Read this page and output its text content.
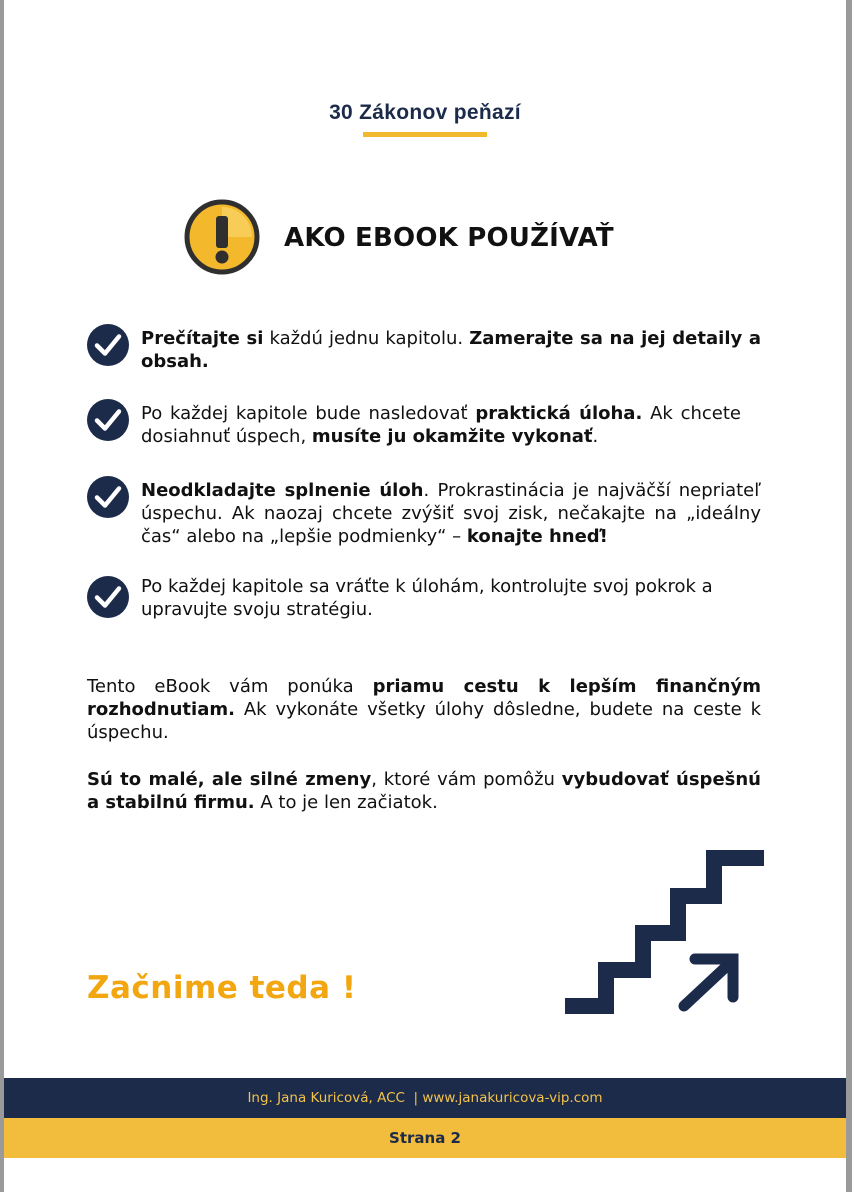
30 Zákonov peňazí
AKO EBOOK POUŽÍVAŤ
Prečítajte si každú jednu kapitolu. Zamerajte sa na jej detaily a obsah.
Po každej kapitole bude nasledovať praktická úloha. Ak chcete dosiahnuť úspech, musíte ju okamžite vykonať.
Neodkladajte splnenie úloh. Prokrastinácia je najväčší nepriateľ úspechu. Ak naozaj chcete zvýšiť svoj zisk, nečakajte na „ideálny čas“ alebo na „lepšie podmienky“ – konajte hneď!
Po každej kapitole sa vráťte k úlohám, kontrolujte svoj pokrok a upravujte svoju stratégiu.
Tento eBook vám ponúka priamu cestu k lepším finančným rozhodnutiam. Ak vykonáte všetky úlohy dôsledne, budete na ceste k úspechu.
Sú to malé, ale silné zmeny, ktoré vám pomôžu vybudovať úspešnú a stabilnú firmu. A to je len začiatok.
Začnime teda !
Ing. Jana Kuricová, ACC  | www.janakuricova-vip.com
Strana 2
